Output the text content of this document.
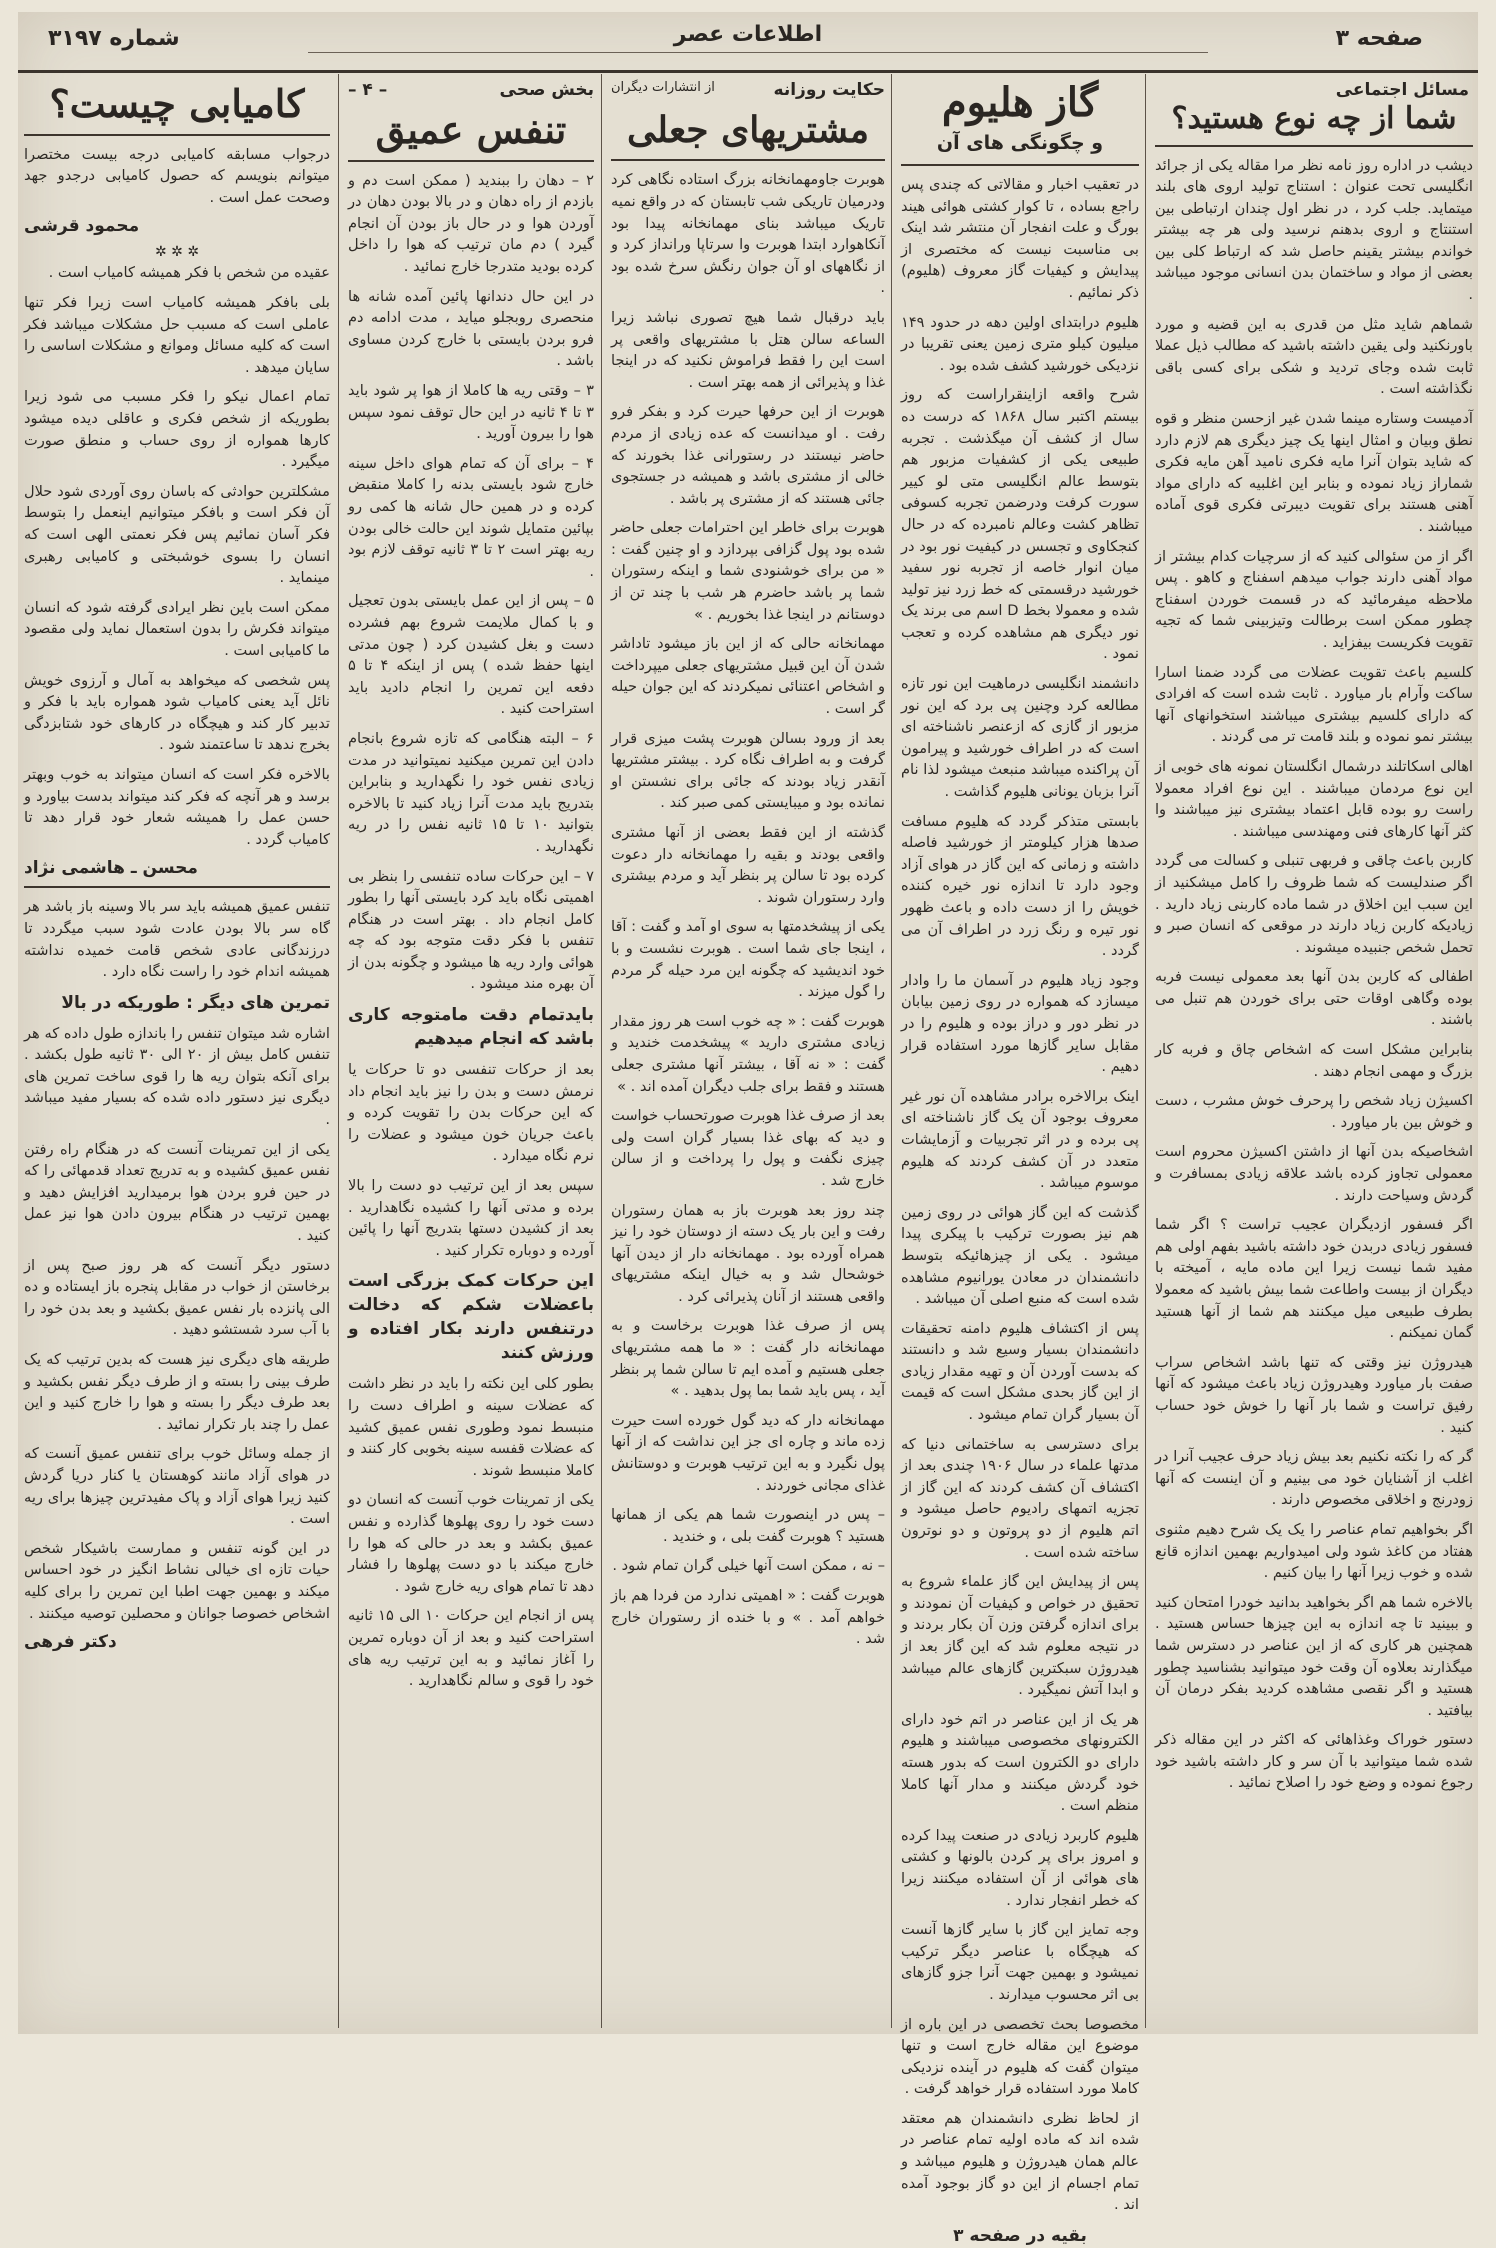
صفحه ۳
اطلاعات عصر
شماره ۳۱۹۷
مسائل اجتماعی
شما از چه نوع هستید؟

دیشب در اداره روز نامه نظر مرا مقاله یکی از جرائد انگلیسی تحت عنوان : استناج تولید اروی های بلند میتماید. جلب کرد ، در نظر اول چندان ارتباطی بین استنتاج و اروی بدهنم نرسید ولی هر چه بیشتر خواندم بیشتر یقینم حاصل شد که ارتباط کلی بین بعضی از مواد و ساختمان بدن انسانی موجود میباشد .

شماهم شاید مثل من قدری به این قضیه و مورد باورنکنید ولی یقین داشته باشید که مطالب ذیل عملا ثابت شده وجای تردید و شکی برای کسی باقی نگذاشته است .

آدمیست وستاره مینما شدن غیر ازحسن منظر و قوه نطق وبیان و امثال اینها یک چیز دیگری هم لازم دارد که شاید بتوان آنرا مایه فکری نامید آهن مایه فکری شماراز زیاد نموده و بنابر این اغلبیه که دارای مواد آهنی هستند برای تقویت دیبرتی فکری قوی آماده میباشند .

اگر از من سئوالی کنید که از سرچیات کدام بیشتر از مواد آهنی دارند جواب میدهم اسفناج و کاهو . پس ملاحظه میفرمائید که در قسمت خوردن اسفناج چطور ممکن است برطالت وتیزبینی شما که تجیه تقویت فکریست بیفزاید .

کلسیم باعث تقویت عضلات می گردد ضمنا اسارا ساکت وآرام بار میاورد . ثابت شده است که افرادی که دارای کلسیم بیشتری میباشند استخوانهای آنها بیشتر نمو نموده و بلند قامت تر می گردند .

اهالی اسکاتلند درشمال انگلستان نمونه های خوبی از این نوع مردمان میباشند . این نوع افراد معمولا راست رو بوده قابل اعتماد بیشتری نیز میباشند وا کثر آنها کارهای فنی ومهندسی میباشند .

کاربن باعث چاقی و فربهی تنبلی و کسالت می گردد اگر صندلیست که شما ظروف را کامل میشکنید از این سبب این اخلاق در شما ماده کاربنی زیاد دارید . زیادیکه کاربن زیاد دارند در موقعی که انسان صبر و تحمل شخص جنبیده میشوند .

اطفالی که کاربن بدن آنها بعد معمولی نیست فربه بوده وگاهی اوقات حتی برای خوردن هم تنبل می باشند .

بنابراین مشکل است که اشخاص چاق و فربه کار بزرگ و مهمی انجام دهند .

اکسیژن زیاد شخص را پرحرف خوش مشرب ، دست و خوش بین بار میاورد .

اشخاصیکه بدن آنها از داشتن اکسیژن محروم است معمولی تجاوز کرده باشد علاقه زیادی بمسافرت و گردش وسیاحت دارند .

اگر فسفور ازدیگران عجیب تراست ؟ اگر شما فسفور زیادی دربدن خود داشته باشید بفهم اولی هم مفید شما نیست زیرا این ماده مایه ، آمیخته با دیگران از بیست واطاعت شما بیش باشید که معمولا بطرف طبیعی میل میکنند هم شما از آنها هستید گمان نمیکنم .

هیدروژن نیز وقتی که تنها باشد اشخاص سراب صفت بار میاورد وهیدروژن زیاد باعث میشود که آنها رفیق تراست و شما بار آنها را خوش خود حساب کنید .

گر که را نکته نکنیم بعد بیش زیاد حرف عجیب آنرا در اغلب از آشنایان خود می بینیم و آن اینست که آنها زودرنج و اخلاقی مخصوص دارند .

اگر بخواهیم تمام عناصر را یک یک شرح دهیم مثنوی هفتاد من کاغذ شود ولی امیدواریم بهمین اندازه قانع شده و خوب زیرا آنها را بیان کنیم .

بالاخره شما هم اگر بخواهید بدانید خودرا امتحان کنید و ببینید تا چه اندازه به این چیزها حساس هستید . همچنین هر کاری که از این عناصر در دسترس شما میگذارند بعلاوه آن وقت خود میتوانید بشناسید چطور هستید و اگر نقصی مشاهده کردید بفکر درمان آن بیافتید .

دستور خوراک وغذاهائی که اکثر در این مقاله ذکر شده شما میتوانید با آن سر و کار داشته باشید خود رجوع نموده و وضع خود را اصلاح نمائید .

گاز هلیوم
و چگونگی های آن

در تعقیب اخبار و مقالاتی که چندی پس راجع بساده ، تا کوار کشتی هوائی هیند بورگ و علت انفجار آن منتشر شد اینک بی مناسبت نیست که مختصری از پیدایش و کیفیات گاز معروف (هلیوم) ذکر نمائیم .

هلیوم درابتدای اولین دهه در حدود ۱۴۹ میلیون کیلو متری زمین یعنی تقریبا در نزدیکی خورشید کشف شده بود .

شرح واقعه ازاینقراراست که روز بیستم اکتبر سال ۱۸۶۸ که درست ده سال از کشف آن میگذشت . تجربه طبیعی یکی از کشفیات مزبور هم بتوسط عالم انگلیسی متی لو کییر سورت کرفت ودرضمن تجربه کسوفی تظاهر کشت وعالم نامبرده که در حال کنجکاوی و تجسس در کیفیت نور بود در میان انوار خاصه از تجربه نور سفید خورشید درقسمتی که خط زرد نیز تولید شده و معمولا بخط D اسم می برند یک نور دیگری هم مشاهده کرده و تعجب نمود .

دانشمند انگلیسی درماهیت این نور تازه مطالعه کرد وچنین پی برد که این نور مزبور از گازی که ازعنصر ناشناخته ای است که در اطراف خورشید و پیرامون آن پراکنده میباشد منبعث میشود لذا نام آنرا بزبان یونانی هلیوم گذاشت .

بابستی متذکر گردد که هلیوم مسافت صدها هزار کیلومتر از خورشید فاصله داشته و زمانی که این گاز در هوای آزاد وجود دارد تا اندازه نور خیره کننده خویش را از دست داده و باعث ظهور نور تیره و رنگ زرد در اطراف آن می گردد .

وجود زیاد هلیوم در آسمان ما را وادار میسازد که همواره در روی زمین بیابان در نظر دور و دراز بوده و هلیوم را در مقابل سایر گازها مورد استفاده قرار دهیم .

اینک برالاخره برادر مشاهده آن نور غیر معروف بوجود آن یک گاز ناشناخته ای پی برده و در اثر تجربیات و آزمایشات متعدد در آن کشف کردند که هلیوم موسوم میباشد .

گذشت که این گاز هوائی در روی زمین هم نیز بصورت ترکیب با پیکری پیدا میشود . یکی از چیزهائیکه بتوسط دانشمندان در معادن یورانیوم مشاهده شده است که منبع اصلی آن میباشد .

پس از اکتشاف هلیوم دامنه تحقیقات دانشمندان بسیار وسیع شد و دانستند که بدست آوردن آن و تهیه مقدار زیادی از این گاز بحدی مشکل است که قیمت آن بسیار گران تمام میشود .

برای دسترسی به ساختمانی دنیا که مدتها علماء در سال ۱۹۰۶ چندی بعد از اکتشاف آن کشف کردند که این گاز از تجزیه اتمهای رادیوم حاصل میشود و اتم هلیوم از دو پروتون و دو نوترون ساخته شده است .

پس از پیدایش این گاز علماء شروع به تحقیق در خواص و کیفیات آن نمودند و برای اندازه گرفتن وزن آن بکار بردند و در نتیجه معلوم شد که این گاز بعد از هیدروژن سبکترین گازهای عالم میباشد و ابدا آتش نمیگیرد .

هر یک از این عناصر در اتم خود دارای الکترونهای مخصوصی میباشند و هلیوم دارای دو الکترون است که بدور هسته خود گردش میکنند و مدار آنها کاملا منظم است .

هلیوم کاربرد زیادی در صنعت پیدا کرده و امروز برای پر کردن بالونها و کشتی های هوائی از آن استفاده میکنند زیرا که خطر انفجار ندارد .

وجه تمایز این گاز با سایر گازها آنست که هیچگاه با عناصر دیگر ترکیب نمیشود و بهمین جهت آنرا جزو گازهای بی اثر محسوب میدارند .

مخصوصا بحث تخصصی در این باره از موضوع این مقاله خارج است و تنها میتوان گفت که هلیوم در آینده نزدیکی کاملا مورد استفاده قرار خواهد گرفت .

از لحاظ نظری دانشمندان هم معتقد شده اند که ماده اولیه تمام عناصر در عالم همان هیدروژن و هلیوم میباشد و تمام اجسام از این دو گاز بوجود آمده اند .

بقیه در صفحه ۳
حکایت روزانه
از انتشارات دیگران
مشتریهای جعلی

هوبرت جاومهمانخانه بزرگ استاده نگاهی کرد ودرمیان تاریکی شب تابستان که در واقع نمیه تاریک میباشد بنای مهمانخانه پیدا بود آنکاهوارد ابتدا هوبرت وا سرتاپا ورانداز کرد و از نگاههای او آن جوان رنگش سرخ شده بود .

باید درقبال شما هیچ تصوری نباشد زیرا الساعه سالن هتل با مشتریهای واقعی پر است این را فقط فراموش نکنید که در اینجا غذا و پذیرائی از همه بهتر است .

هوبرت از این حرفها حیرت کرد و بفکر فرو رفت . او میدانست که عده زیادی از مردم حاضر نیستند در رستورانی غذا بخورند که خالی از مشتری باشد و همیشه در جستجوی جائی هستند که از مشتری پر باشد .

هوبرت برای خاطر این احترامات جعلی حاضر شده بود پول گزافی بپردازد و او چنین گفت : « من برای خوشنودی شما و اینکه رستوران شما پر باشد حاضرم هر شب با چند تن از دوستانم در اینجا غذا بخوریم . »

مهمانخانه حالی که از این باز میشود تاداشر شدن آن این قبیل مشتریهای جعلی میپرداخت و اشخاص اعتنائی نمیکردند که این جوان حیله گر است .

بعد از ورود بسالن هوبرت پشت میزی قرار گرفت و به اطراف نگاه کرد . بیشتر مشتریها آنقدر زیاد بودند که جائی برای نشستن او نمانده بود و میبایستی کمی صبر کند .

گذشته از این فقط بعضی از آنها مشتری واقعی بودند و بقیه را مهمانخانه دار دعوت کرده بود تا سالن پر بنظر آید و مردم بیشتری وارد رستوران شوند .

یکی از پیشخدمتها به سوی او آمد و گفت : آقا ، اینجا جای شما است . هوبرت نشست و با خود اندیشید که چگونه این مرد حیله گر مردم را گول میزند .

هوبرت گفت : « چه خوب است هر روز مقدار زیادی مشتری دارید » پیشخدمت خندید و گفت : « نه آقا ، بیشتر آنها مشتری جعلی هستند و فقط برای جلب دیگران آمده اند . »

بعد از صرف غذا هوبرت صورتحساب خواست و دید که بهای غذا بسیار گران است ولی چیزی نگفت و پول را پرداخت و از سالن خارج شد .

چند روز بعد هوبرت باز به همان رستوران رفت و این بار یک دسته از دوستان خود را نیز همراه آورده بود . مهمانخانه دار از دیدن آنها خوشحال شد و به خیال اینکه مشتریهای واقعی هستند از آنان پذیرائی کرد .

پس از صرف غذا هوبرت برخاست و به مهمانخانه دار گفت : « ما همه مشتریهای جعلی هستیم و آمده ایم تا سالن شما پر بنظر آید ، پس باید شما بما پول بدهید . »

مهمانخانه دار که دید گول خورده است حیرت زده ماند و چاره ای جز این نداشت که از آنها پول نگیرد و به این ترتیب هوبرت و دوستانش غذای مجانی خوردند .

– پس در اینصورت شما هم یکی از همانها هستید ؟ هوبرت گفت بلی ، و خندید .

– نه ، ممکن است آنها خیلی گران تمام شود .

هوبرت گفت : « اهمیتی ندارد من فردا هم باز خواهم آمد . » و با خنده از رستوران خارج شد .

بخش صحی
– ۴ –
تنفس عمیق

۲ – دهان را ببندید ( ممکن است دم و بازدم از راه دهان و در بالا بودن دهان در آوردن هوا و در حال باز بودن آن انجام گیرد ) دم مان ترتیب که هوا را داخل کرده بودید متدرجا خارج نمائید .

در این حال دندانها پائین آمده شانه ها منحصری روبجلو میاید ، مدت ادامه دم فرو بردن بایستی با خارج کردن مساوی باشد .

۳ – وقتی ریه ها کاملا از هوا پر شود باید ۳ تا ۴ ثانیه در این حال توقف نمود سپس هوا را بیرون آورید .

۴ – برای آن که تمام هوای داخل سینه خارج شود بایستی بدنه را کاملا منقبض کرده و در همین حال شانه ها کمی رو بپائین متمایل شوند این حالت خالی بودن ریه بهتر است ۲ تا ۳ ثانیه توقف لازم بود .

۵ – پس از این عمل بایستی بدون تعجیل و با کمال ملایمت شروع بهم فشرده دست و بغل کشیدن کرد ( چون مدتی اینها حفظ شده ) پس از اینکه ۴ تا ۵ دفعه این تمرین را انجام دادید باید استراحت کنید .

۶ – البته هنگامی که تازه شروع بانجام دادن این تمرین میکنید نمیتوانید در مدت زیادی نفس خود را نگهدارید و بنابراین بتدریج باید مدت آنرا زیاد کنید تا بالاخره بتوانید ۱۰ تا ۱۵ ثانیه نفس را در ریه نگهدارید .

۷ – این حرکات ساده تنفسی را بنظر بی اهمیتی نگاه باید کرد بایستی آنها را بطور کامل انجام داد . بهتر است در هنگام تنفس با فکر دقت متوجه بود که چه هوائی وارد ریه ها میشود و چگونه بدن از آن بهره مند میشود .

بایدتمام دقت مامتوجه کاری باشد که انجام میدهیم

بعد از حرکات تنفسی دو تا حرکات یا نرمش دست و بدن را نیز باید انجام داد که این حرکات بدن را تقویت کرده و باعث جریان خون میشود و عضلات را نرم نگاه میدارد .

سپس بعد از این ترتیب دو دست را بالا برده و مدتی آنها را کشیده نگاهدارید . بعد از کشیدن دستها بتدریج آنها را پائین آورده و دوباره تکرار کنید .

این حرکات کمک بزرگی است باعضلات شکم که دخالت درتنفس دارند بکار افتاده و ورزش کنند

بطور کلی این نکته را باید در نظر داشت که عضلات سینه و اطراف دست را منبسط نمود وطوری نفس عمیق کشید که عضلات قفسه سینه بخوبی کار کنند و کاملا منبسط شوند .

یکی از تمرینات خوب آنست که انسان دو دست خود را روی پهلوها گذارده و نفس عمیق بکشد و بعد در حالی که هوا را خارج میکند با دو دست پهلوها را فشار دهد تا تمام هوای ریه خارج شود .

پس از انجام این حرکات ۱۰ الی ۱۵ ثانیه استراحت کنید و بعد از آن دوباره تمرین را آغاز نمائید و به این ترتیب ریه های خود را قوی و سالم نگاهدارید .

کامیابی چیست؟

درجواب مسابقه کامیابی درجه بیست مختصرا میتوانم بنویسم که حصول کامیابی درجدو جهد وصحت عمل است .

محمود قرشی
✲ ✲ ✲

عقیده من شخص با فکر همیشه کامیاب است .

بلی بافکر همیشه کامیاب است زیرا فکر تنها عاملی است که مسبب حل مشکلات میباشد فکر است که کلیه مسائل وموانع و مشکلات اساسی را سایان میدهد .

تمام اعمال نیکو را فکر مسبب می شود زیرا بطوریکه از شخص فکری و عاقلی دیده میشود کارها همواره از روی حساب و منطق صورت میگیرد .

مشکلترین حوادثی که باسان روی آوردی شود حلال آن فکر است و بافکر میتوانیم اینعمل را بتوسط فکر آسان نمائیم پس فکر نعمتی الهی است که انسان را بسوی خوشبختی و کامیابی رهبری مینماید .

ممکن است باین نظر ایرادی گرفته شود که انسان میتواند فکرش را بدون استعمال نماید ولی مقصود ما کامیابی است .

پس شخصی که میخواهد به آمال و آرزوی خویش نائل آید یعنی کامیاب شود همواره باید با فکر و تدبیر کار کند و هیچگاه در کارهای خود شتابزدگی بخرج ندهد تا ساعتمند شود .

بالاخره فکر است که انسان میتواند به خوب وبهتر برسد و هر آنچه که فکر کند میتواند بدست بیاورد و حسن عمل را همیشه شعار خود قرار دهد تا کامیاب گردد .

محسن ـ هاشمی نژاد

تنفس عمیق همیشه باید سر بالا وسینه باز باشد هر گاه سر بالا بودن عادت شود سبب میگردد تا درزندگانی عادی شخص قامت خمیده نداشته همیشه اندام خود را راست نگاه دارد .

تمرین های دیگر : طوریکه در بالا

اشاره شد میتوان تنفس را باندازه طول داده که هر تنفس کامل بیش از ۲۰ الی ۳۰ ثانیه طول بکشد . برای آنکه بتوان ریه ها را قوی ساخت تمرین های دیگری نیز دستور داده شده که بسیار مفید میباشد .

یکی از این تمرینات آنست که در هنگام راه رفتن نفس عمیق کشیده و به تدریج تعداد قدمهائی را که در حین فرو بردن هوا برمیدارید افزایش دهید و بهمین ترتیب در هنگام بیرون دادن هوا نیز عمل کنید .

دستور دیگر آنست که هر روز صبح پس از برخاستن از خواب در مقابل پنجره باز ایستاده و ده الی پانزده بار نفس عمیق بکشید و بعد بدن خود را با آب سرد شستشو دهید .

طریقه های دیگری نیز هست که بدین ترتیب که یک طرف بینی را بسته و از طرف دیگر نفس بکشید و بعد طرف دیگر را بسته و هوا را خارج کنید و این عمل را چند بار تکرار نمائید .

از جمله وسائل خوب برای تنفس عمیق آنست که در هوای آزاد مانند کوهستان یا کنار دریا گردش کنید زیرا هوای آزاد و پاک مفیدترین چیزها برای ریه است .

در این گونه تنفس و ممارست باشیکار شخص حیات تازه ای خیالی نشاط انگیز در خود احساس میکند و بهمین جهت اطبا این تمرین را برای کلیه اشخاص خصوصا جوانان و محصلین توصیه میکنند .

دکتر فرهی
